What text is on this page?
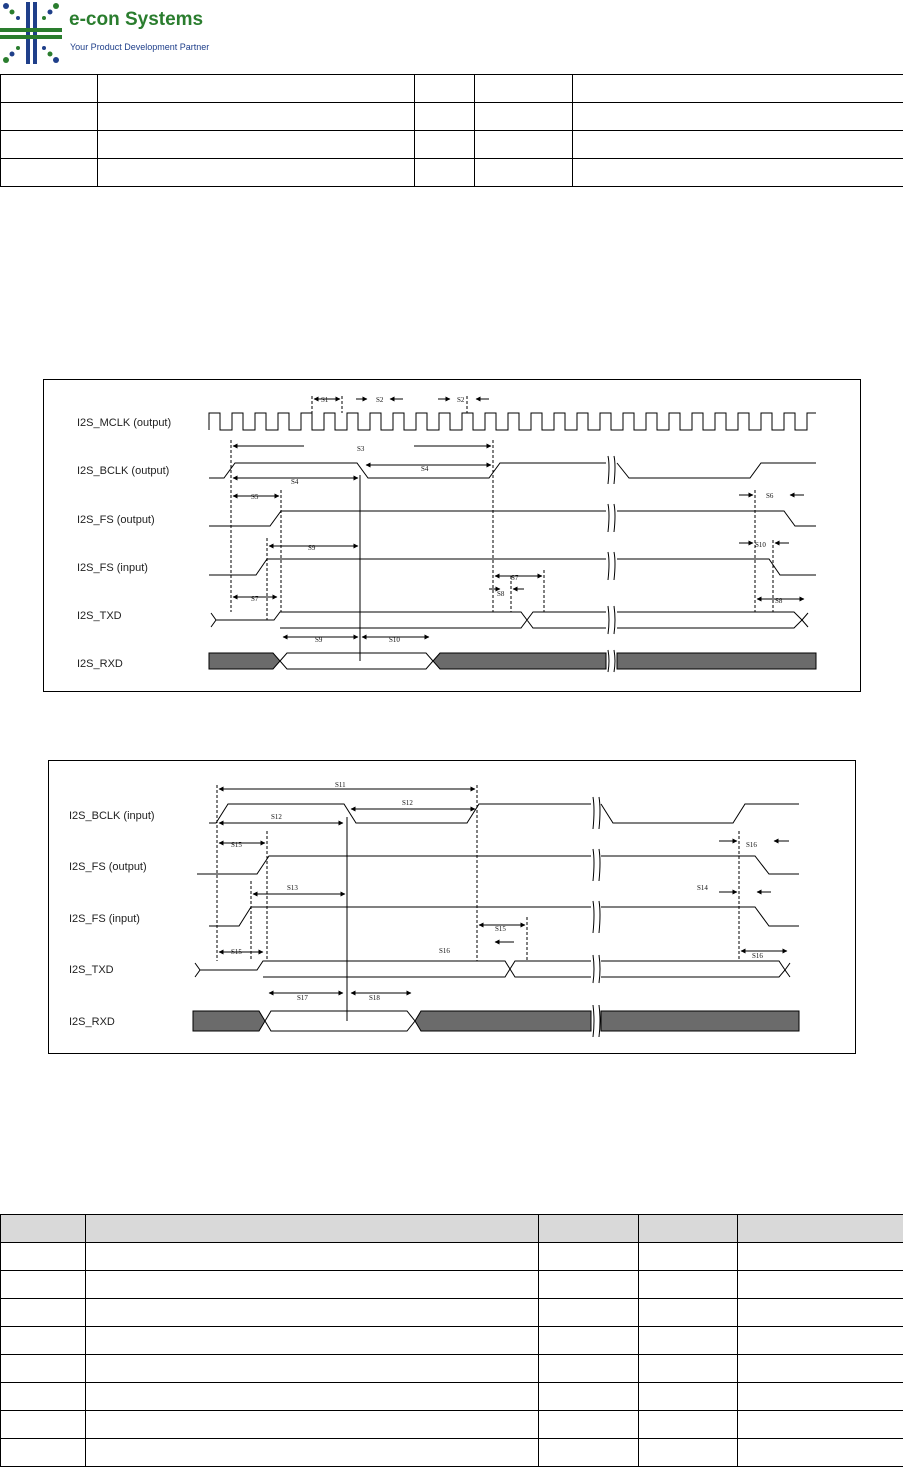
e-con Systems
Your Product Development Partner

I2S_MCLK (output)
I2S_BCLK (output)
I2S_FS (output)
I2S_FS (input)
I2S_TXD
I2S_RXD
S1	S2	S2
S3
S4
S4
S5	S6
S9	S10
S7
S8
S7
S8
S9	S10
I2S_BCLK (input)
I2S_FS (output)
I2S_FS (input)
I2S_TXD
I2S_RXD
S11
S12
S12
S15	S16
S13	S14
S15	S16
S15
S16
S17	S18
